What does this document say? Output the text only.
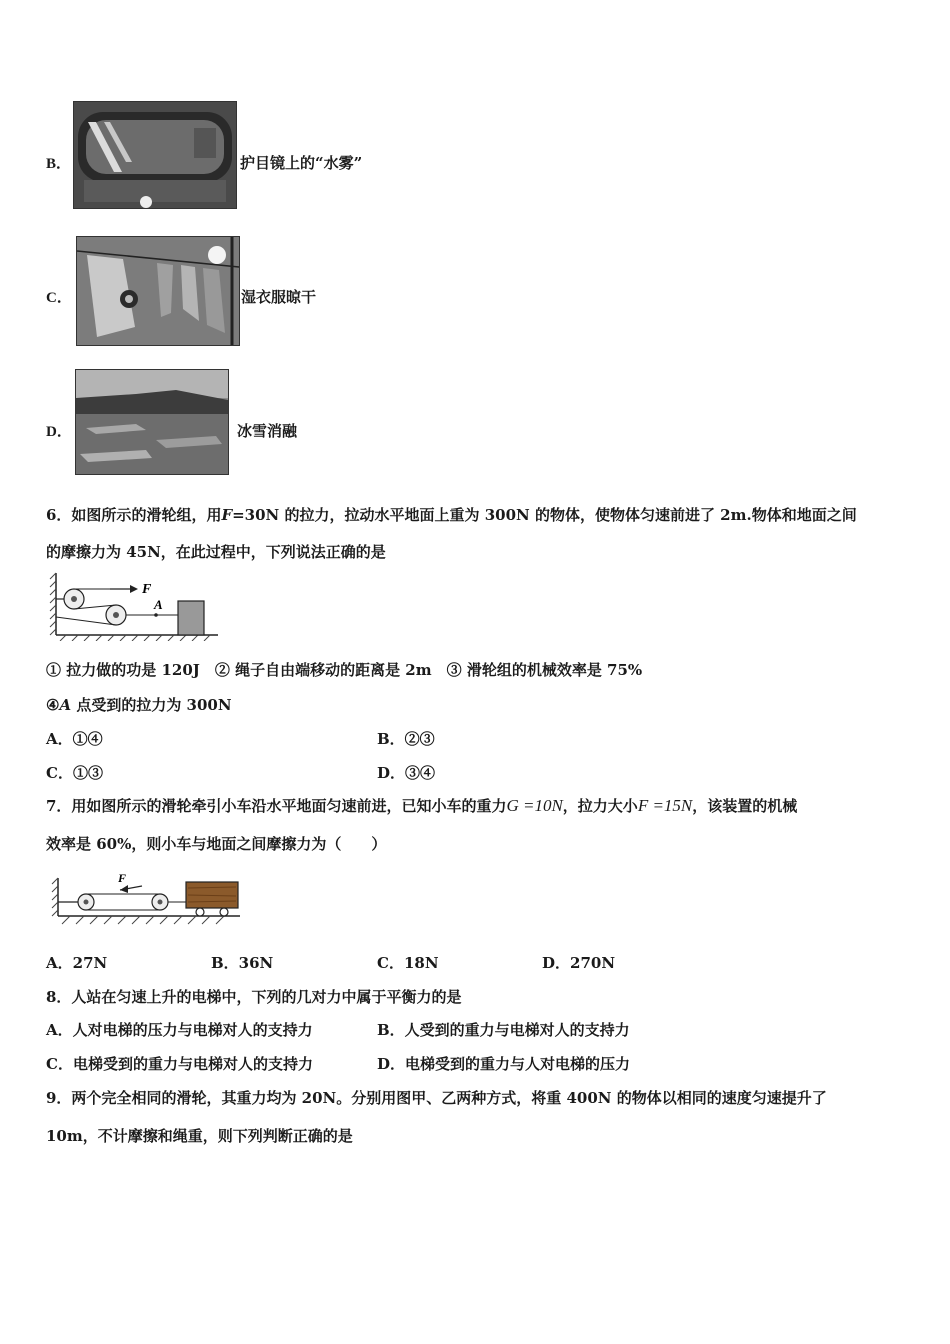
B．	护目镜上的“水雾”
C．	湿衣服晾干
D．	冰雪消融
6．如图所示的滑轮组，用F=30N 的拉力，拉动水平地面上重为 300N 的物体，使物体匀速前进了 2m.物体和地面之间
的摩擦力为 45N，在此过程中，下列说法正确的是
F
A
① 拉力做的功是 120J　② 绳子自由端移动的距离是 2m　③ 滑轮组的机械效率是 75%
④A 点受到的拉力为 300N
A．①④	B．②③
C．①③	D．③④
7．用如图所示的滑轮牵引小车沿水平地面匀速前进，已知小车的重力G =10N，拉力大小F =15N，该装置的机械
效率是 60%，则小车与地面之间摩擦力为（　　）
F
A．27N	B．36N	C．18N	D．270N
8．人站在匀速上升的电梯中，下列的几对力中属于平衡力的是
A．人对电梯的压力与电梯对人的支持力	B．人受到的重力与电梯对人的支持力
C．电梯受到的重力与电梯对人的支持力	D．电梯受到的重力与人对电梯的压力
9．两个完全相同的滑轮，其重力均为 20N。分别用图甲、乙两种方式，将重 400N 的物体以相同的速度匀速提升了
10m，不计摩擦和绳重，则下列判断正确的是
